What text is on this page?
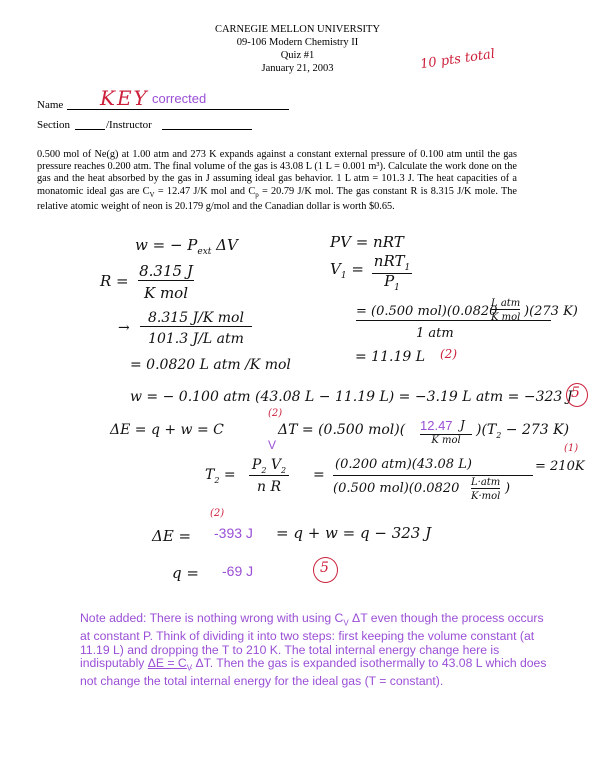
CARNEGIE MELLON UNIVERSITY
09-106 Modern Chemistry II
Quiz #1
January 21, 2003	10 pts total
Name KEY corrected
Section	/Instructor
0.500 mol of Ne(g) at 1.00 atm and 273 K expands against a constant external pressure of 0.100 atm until the gas pressure reaches 0.200 atm. The final volume of the gas is 43.08 L (1 L = 0.001 m³). Calculate the work done on the gas and the heat absorbed by the gas in J assuming ideal gas behavior. 1 L atm = 101.3 J. The heat capacities of a monatomic ideal gas are $C_V = 12.47$ J/K mol and $C_p = 20.79$ J/K mol. The gas constant R is 8.315 J/K mole. The relative atomic weight of neon is 20.179 g/mol and the Canadian dollar is worth $0.65.
w = − $P_{ext}$ ΔV	PV = nRT
$V_1 = nRT_1$
$P_1$
R =
8.315 J
K mol
→
8.315 J/K mol
101.3 J/L atm
= 0.0820 L atm /K mol
= (0.500 mol)(0.0820
L atm
K mol )(273 K)
1 atm
= 11.19 L (2)
w = − 0.100 atm (43.08 L − 11.19 L) = −3.19 L atm = −323 J
5
(2)
ΔE = q + w = C
V
ΔT = (0.500 mol)( 12.47 J
K mol
)($T_2 - 273$ K)
$T_2$ =
$P_2$ $V_2$
n R
=
(0.200 atm)(43.08 L)
(0.500 mol)(0.0820 L·atm
K·mol
)
= 210K
(1)
ΔE =
(2)
-393 J = q + w = q − 323 J
q = -69 J	5
Note added: There is nothing wrong with using $C_V$ ΔT even though the process occurs at constant P. Think of dividing it into two steps: first keeping the volume constant (at 11.19 L) and dropping the T to 210 K. The total internal energy change here is indisputably $\Delta E = C_V$ ΔT. Then the gas is expanded isothermally to 43.08 L which does not change the total internal energy for the ideal gas (T = constant).
